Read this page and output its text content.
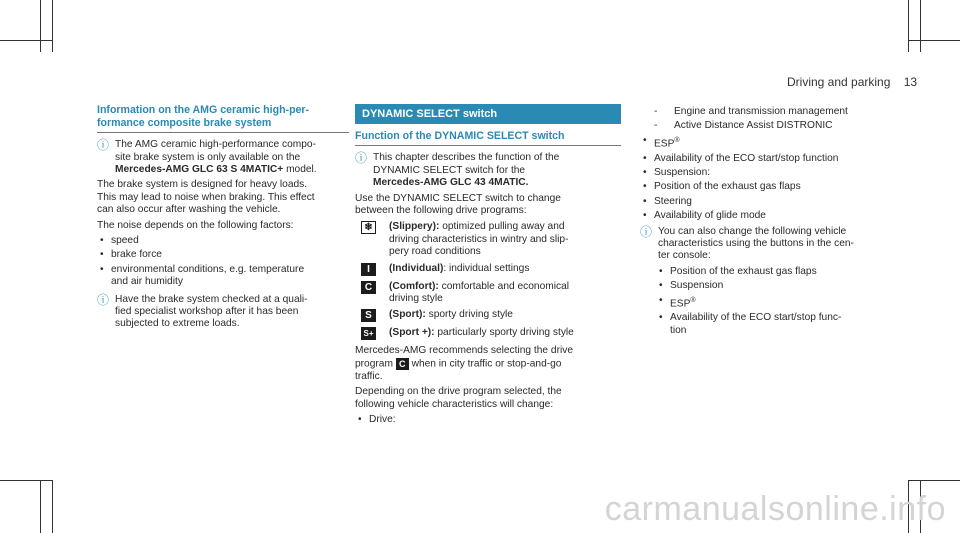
Driving and parking 13
Information on the AMG ceramic high-per-
formance composite brake system
ⓘ The AMG ceramic high-performance compo-
site brake system is only available on the
Mercedes-AMG GLC 63 S 4MATIC+ model.
The brake system is designed for heavy loads.
This may lead to noise when braking. This effect
can also occur after washing the vehicle.
The noise depends on the following factors:
• speed
• brake force
• environmental conditions, e.g. temperature
and air humidity
ⓘ Have the brake system checked at a quali-
fied specialist workshop after it has been
subjected to extreme loads.
DYNAMIC SELECT switch
Function of the DYNAMIC SELECT switch
ⓘ This chapter describes the function of the
DYNAMIC SELECT switch for the
Mercedes-AMG GLC 43 4MATIC.
Use the DYNAMIC SELECT switch to change
between the following drive programs:
❄	(Slippery): optimized pulling away and
driving characteristics in wintry and slip-
pery road conditions
I	(Individual): individual settings
C	(Comfort): comfortable and economical
driving style
S	(Sport): sporty driving style
S+ (Sport +): particularly sporty driving style
Mercedes-AMG recommends selecting the drive
program C when in city traffic or stop-and-go
traffic.
Depending on the drive program selected, the
following vehicle characteristics will change:
• Drive:
- Engine and transmission management
- Active Distance Assist DISTRONIC
• ESP®
• Availability of the ECO start/stop function
• Suspension:
• Position of the exhaust gas flaps
• Steering
• Availability of glide mode
ⓘ You can also change the following vehicle
characteristics using the buttons in the cen-
ter console:
• Position of the exhaust gas flaps
• Suspension
• ESP®
• Availability of the ECO start/stop func-
tion
carmanualsonline.info
